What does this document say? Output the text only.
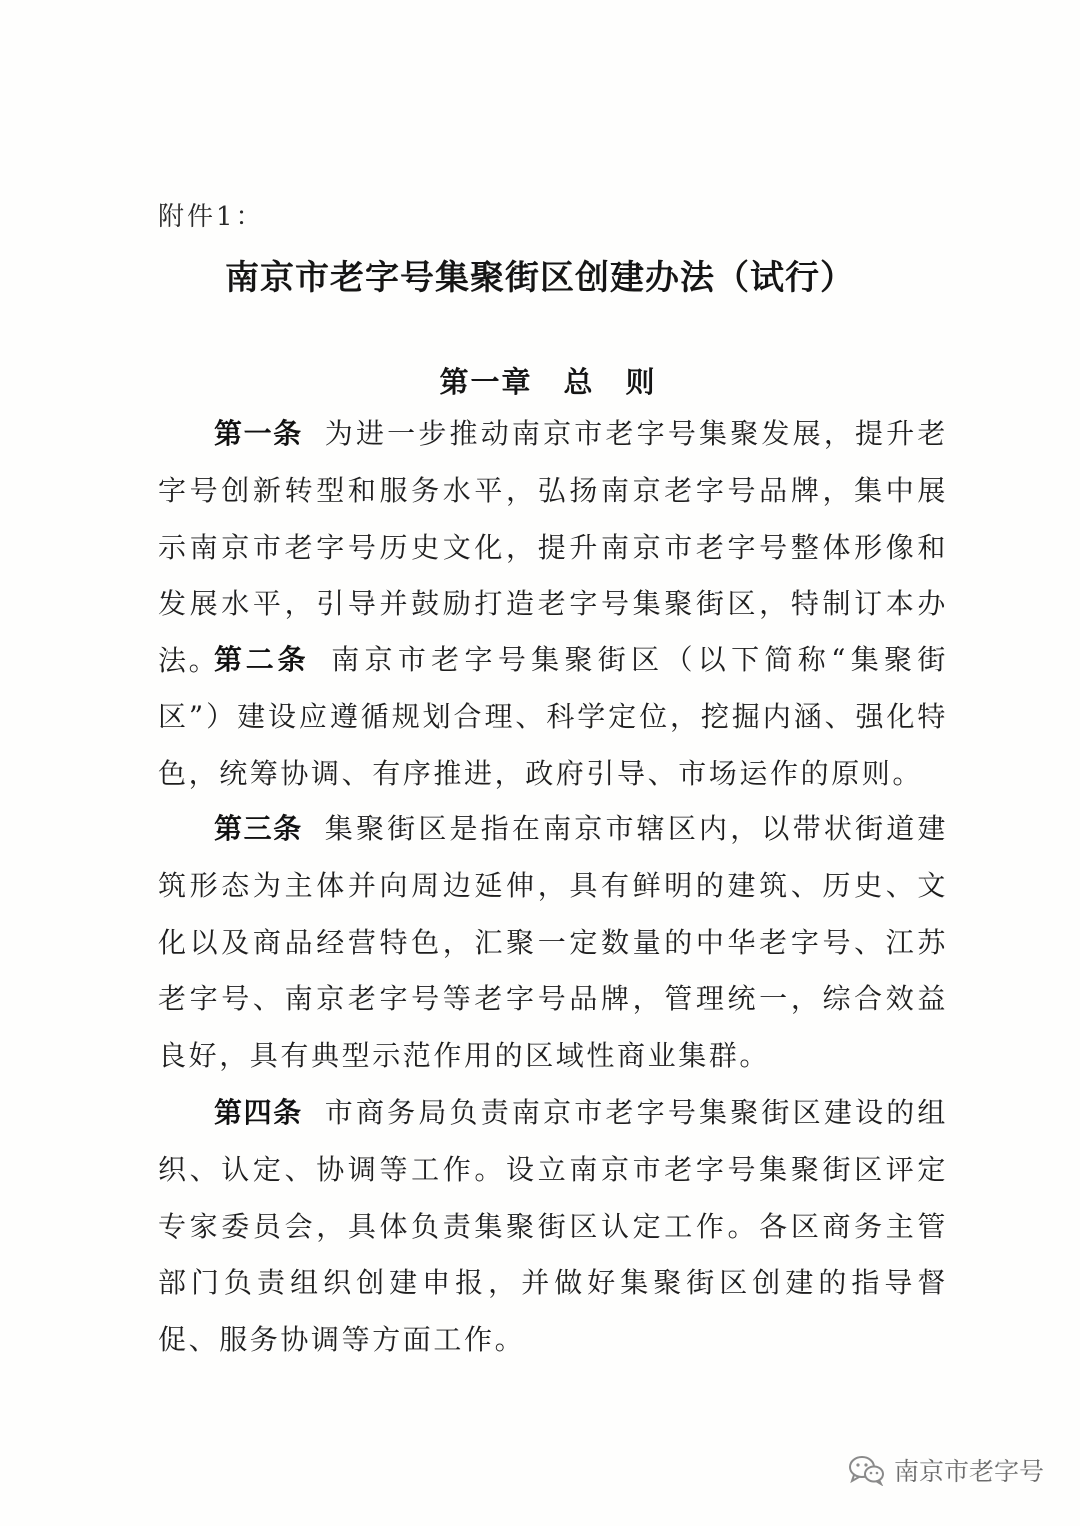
附件1：
南京市老字号集聚街区创建办法（试行）
第一章　总　则

第一条 为进一步推动南京市老字号集聚发展，提升老字号创新转型和服务水平，弘扬南京老字号品牌，集中展示南京市老字号历史文化，提升南京市老字号整体形像和发展水平，引导并鼓励打造老字号集聚街区，特制订本办法。

第二条 南京市老字号集聚街区（以下简称“集聚街区”）建设应遵循规划合理、科学定位，挖掘内涵、强化特色，统筹协调、有序推进，政府引导、市场运作的原则。

第三条 集聚街区是指在南京市辖区内，以带状街道建筑形态为主体并向周边延伸，具有鲜明的建筑、历史、文化以及商品经营特色，汇聚一定数量的中华老字号、江苏老字号、南京老字号等老字号品牌，管理统一，综合效益良好，具有典型示范作用的区域性商业集群。

第四条 市商务局负责南京市老字号集聚街区建设的组织、认定、协调等工作。设立南京市老字号集聚街区评定专家委员会，具体负责集聚街区认定工作。各区商务主管部门负责组织创建申报，并做好集聚街区创建的指导督促、服务协调等方面工作。

南京市老字号
